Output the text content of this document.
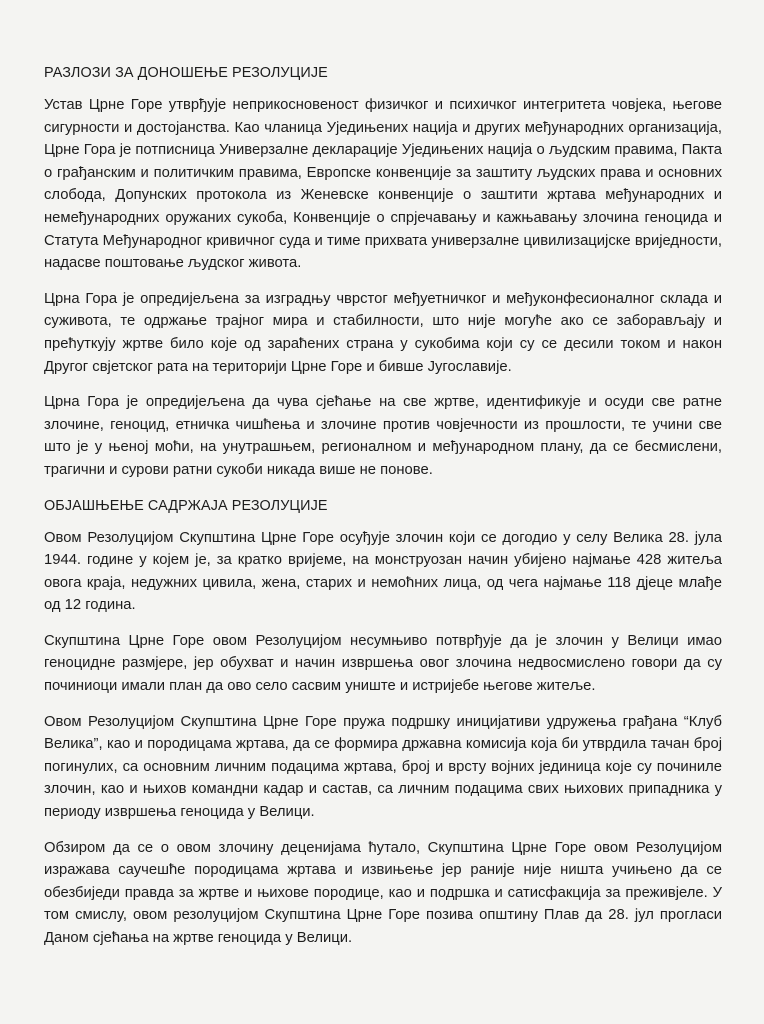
РАЗЛОЗИ ЗА ДОНОШЕЊЕ РЕЗОЛУЦИЈЕ

Устав Црне Горе утврђује неприкосновеност физичког и психичког интегритета човјека, његове сигурности и достојанства. Као чланица Уједињених нација и других међународних организација, Црне Гора је потписница Универзалне декларације Уједињених нација о људским правима, Пакта о грађанским и политичким правима, Европске конвенције за заштиту људских права и основних слобода, Допунских протокола из Женевске конвенције о заштити жртава међународних и немеђународних оружаних сукоба, Конвенције о спрјечавању и кажњавању злочина геноцида и Статута Међународног кривичног суда и тиме прихвата универзалне цивилизацијске вриједности, надасве поштовање људског живота.

Црна Гора је опредијељена за изградњу чврстог међуетничког и међуконфесионалног склада и суживота, те одржање трајног мира и стабилности, што није могуће ако се заборављају и прећуткују жртве било које од зараћених страна у сукобима који су се десили током и након Другог свјетског рата на територији Црне Горе и бивше Југославије.

Црна Гора је опредијељена да чува сјећање на све жртве, идентификује и осуди све ратне злочине, геноцид, етничка чишћења и злочине против човјечности из прошлости, те учини све што је у њеној моћи, на унутрашњем, регионалном и међународном плану, да се бесмислени, трагични и сурови ратни сукоби никада више не понове.

ОБЈАШЊЕЊЕ САДРЖАЈА РЕЗОЛУЦИЈЕ

Овом Резолуцијом Скупштина Црне Горе осуђује злочин који се догодио у селу Велика 28. јула 1944. године у којем је, за кратко вријеме, на монструозан начин убијено најмање 428 житеља овога краја, недужних цивила, жена, старих и немоћних лица, од чега најмање 118 дјеце млађе од 12 година.

Скупштина Црне Горе овом Резолуцијом несумњиво потврђује да је злочин у Велици имао геноцидне размјере, јер обухват и начин извршења овог злочина недвосмислено говори да су починиоци имали план да ово село сасвим униште и истријебе његове житеље.

Овом Резолуцијом Скупштина Црне Горе пружа подршку иницијативи удружења грађана “Клуб Велика”, као и породицама жртава, да се формира државна комисија која би утврдила тачан број погинулих, са основним личним подацима жртава, број и врсту војних јединица које су починиле злочин, као и њихов командни кадар и састав, са личним подацима свих њихових припадника у периоду извршења геноцида у Велици.

Обзиром да се о овом злочину деценијама ћутало, Скупштина Црне Горе овом Резолуцијом изражава саучешће породицама жртава и извињење јер раније није ништа учињено да се обезбиједи правда за жртве и њихове породице, као и подршка и сатисфакција за преживјеле. У том смислу, овом резолуцијом Скупштина Црне Горе позива општину Плав да 28. јул прогласи Даном сјећања на жртве геноцида у Велици.
